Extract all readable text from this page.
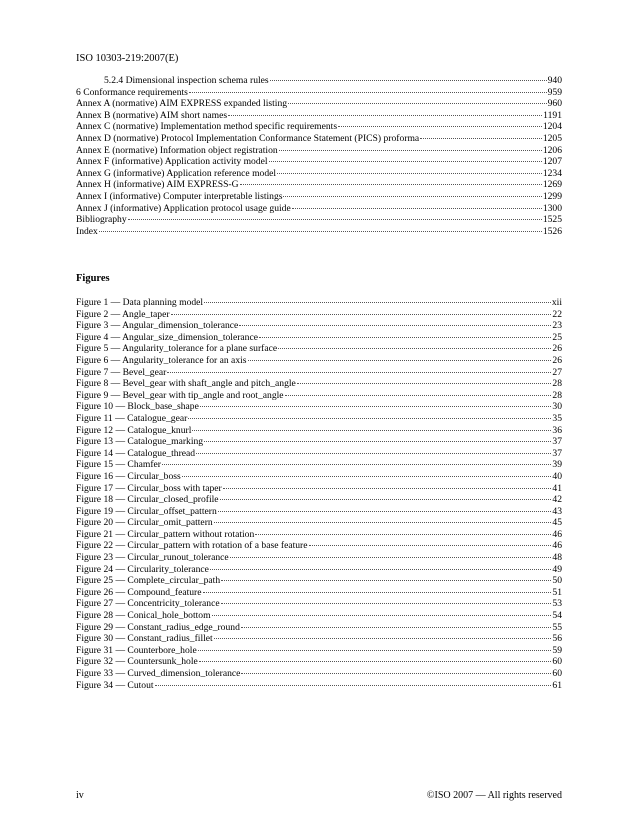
ISO 10303-219:2007(E)
5.2.4 Dimensional inspection schema rules	940
6 Conformance requirements	959
Annex A (normative) AIM EXPRESS expanded listing	960
Annex B (normative) AIM short names	1191
Annex C (normative) Implementation method specific requirements	1204
Annex D (normative) Protocol Implementation Conformance Statement (PICS) proforma	1205
Annex E (normative) Information object registration	1206
Annex F (informative) Application activity model	1207
Annex G (informative) Application reference model	1234
Annex H (informative) AIM EXPRESS-G	1269
Annex I (informative) Computer interpretable listings	1299
Annex J (informative) Application protocol usage guide	1300
Bibliography	1525
Index	1526
Figures
Figure 1 — Data planning model	xii
Figure 2 — Angle_taper	22
Figure 3 — Angular_dimension_tolerance	23
Figure 4 — Angular_size_dimension_tolerance	25
Figure 5 — Angularity_tolerance for a plane surface	26
Figure 6 — Angularity_tolerance for an axis	26
Figure 7 — Bevel_gear	27
Figure 8 — Bevel_gear with shaft_angle and pitch_angle	28
Figure 9 — Bevel_gear with tip_angle and root_angle	28
Figure 10 — Block_base_shape	30
Figure 11 — Catalogue_gear	35
Figure 12 — Catalogue_knurl	36
Figure 13 — Catalogue_marking	37
Figure 14 — Catalogue_thread	37
Figure 15 — Chamfer	39
Figure 16 — Circular_boss	40
Figure 17 — Circular_boss with taper	41
Figure 18 — Circular_closed_profile	42
Figure 19 — Circular_offset_pattern	43
Figure 20 — Circular_omit_pattern	45
Figure 21 — Circular_pattern without rotation	46
Figure 22 — Circular_pattern with rotation of a base feature	46
Figure 23 — Circular_runout_tolerance	48
Figure 24 — Circularity_tolerance	49
Figure 25 — Complete_circular_path	50
Figure 26 — Compound_feature	51
Figure 27 — Concentricity_tolerance	53
Figure 28 — Conical_hole_bottom	54
Figure 29 — Constant_radius_edge_round	55
Figure 30 — Constant_radius_fillet	56
Figure 31 — Counterbore_hole	59
Figure 32 — Countersunk_hole	60
Figure 33 — Curved_dimension_tolerance	60
Figure 34 — Cutout	61
iv	©ISO 2007 — All rights reserved
